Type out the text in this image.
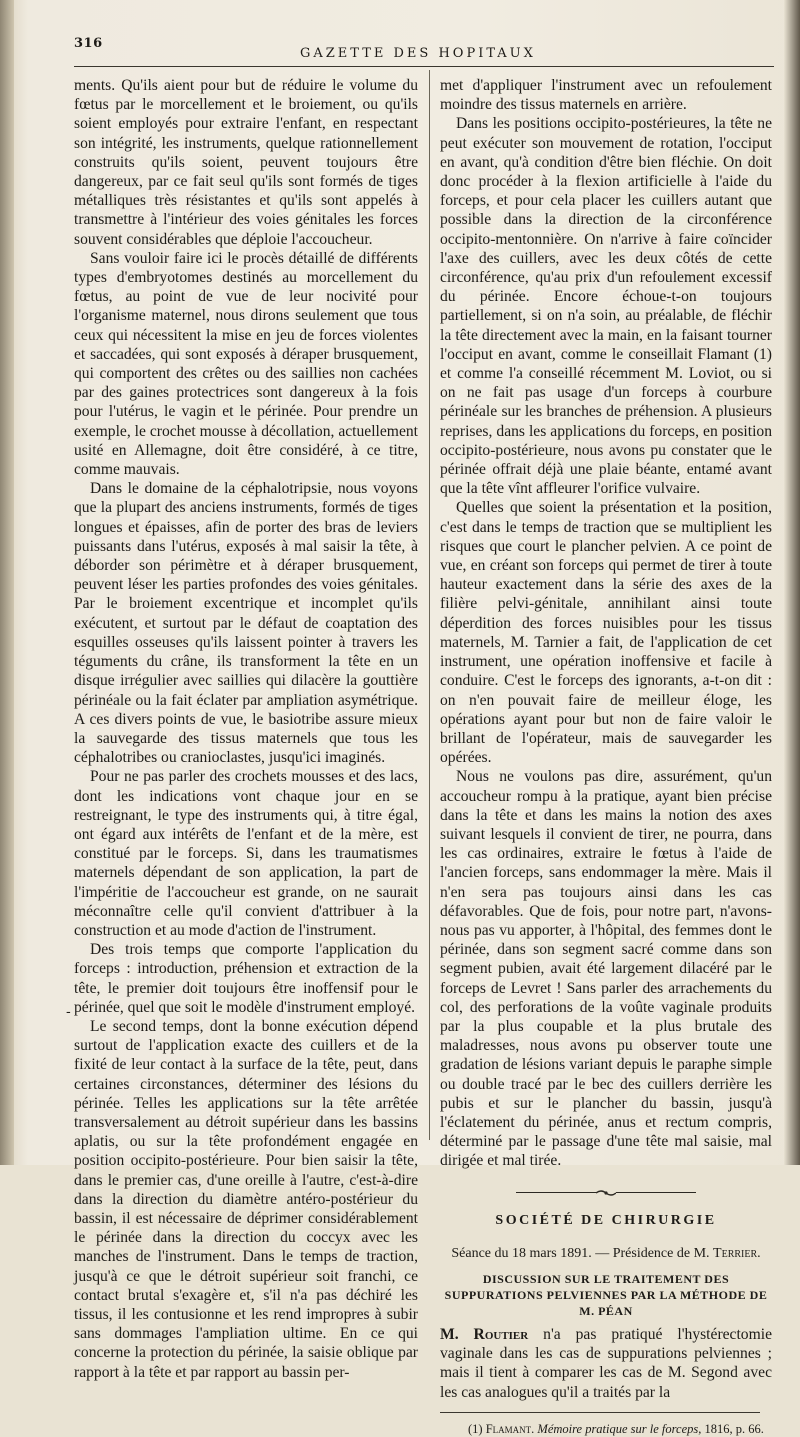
316
GAZETTE DES HOPITAUX
-

ments. Qu'ils aient pour but de réduire le volume du fœtus par le morcellement et le broiement, ou qu'ils soient employés pour extraire l'enfant, en respectant son intégrité, les instruments, quelque rationnellement construits qu'ils soient, peuvent toujours être dangereux, par ce fait seul qu'ils sont formés de tiges métalliques très résistantes et qu'ils sont appelés à transmettre à l'intérieur des voies génitales les forces souvent considérables que déploie l'accoucheur.

Sans vouloir faire ici le procès détaillé de différents types d'embryotomes destinés au morcellement du fœtus, au point de vue de leur nocivité pour l'organisme maternel, nous dirons seulement que tous ceux qui nécessitent la mise en jeu de forces violentes et saccadées, qui sont exposés à déraper brusquement, qui comportent des crêtes ou des saillies non cachées par des gaines protectrices sont dangereux à la fois pour l'utérus, le vagin et le périnée. Pour prendre un exemple, le crochet mousse à décollation, actuellement usité en Allemagne, doit être considéré, à ce titre, comme mauvais.

Dans le domaine de la céphalotripsie, nous voyons que la plupart des anciens instruments, formés de tiges longues et épaisses, afin de porter des bras de leviers puissants dans l'utérus, exposés à mal saisir la tête, à déborder son périmètre et à déraper brusquement, peuvent léser les parties profondes des voies génitales. Par le broiement excentrique et incomplet qu'ils exécutent, et surtout par le défaut de coaptation des esquilles osseuses qu'ils laissent pointer à travers les téguments du crâne, ils transforment la tête en un disque irrégulier avec saillies qui dilacère la gouttière périnéale ou la fait éclater par ampliation asymétrique. A ces divers points de vue, le basiotribe assure mieux la sauvegarde des tissus maternels que tous les céphalotribes ou cranioclastes, jusqu'ici imaginés.

Pour ne pas parler des crochets mousses et des lacs, dont les indications vont chaque jour en se restreignant, le type des instruments qui, à titre égal, ont égard aux intérêts de l'enfant et de la mère, est constitué par le forceps. Si, dans les traumatismes maternels dépendant de son application, la part de l'impéritie de l'accoucheur est grande, on ne saurait méconnaître celle qu'il convient d'attribuer à la construction et au mode d'action de l'instrument.

Des trois temps que comporte l'application du forceps : introduction, préhension et extraction de la tête, le premier doit toujours être inoffensif pour le périnée, quel que soit le modèle d'instrument employé.

Le second temps, dont la bonne exécution dépend surtout de l'application exacte des cuillers et de la fixité de leur contact à la surface de la tête, peut, dans certaines circonstances, déterminer des lésions du périnée. Telles les applications sur la tête arrêtée transversalement au détroit supérieur dans les bassins aplatis, ou sur la tête profondément engagée en position occipito-postérieure. Pour bien saisir la tête, dans le premier cas, d'une oreille à l'autre, c'est-à-dire dans la direction du diamètre antéro-postérieur du bassin, il est nécessaire de déprimer considérablement le périnée dans la direction du coccyx avec les manches de l'instrument. Dans le temps de traction, jusqu'à ce que le détroit supérieur soit franchi, ce contact brutal s'exagère et, s'il n'a pas déchiré les tissus, il les contusionne et les rend impropres à subir sans dommages l'ampliation ultime. En ce qui concerne la protection du périnée, la saisie oblique par rapport à la tête et par rapport au bassin per-

met d'appliquer l'instrument avec un refoulement moindre des tissus maternels en arrière.

Dans les positions occipito-postérieures, la tête ne peut exécuter son mouvement de rotation, l'occiput en avant, qu'à condition d'être bien fléchie. On doit donc procéder à la flexion artificielle à l'aide du forceps, et pour cela placer les cuillers autant que possible dans la direction de la circonférence occipito-mentonnière. On n'arrive à faire coïncider l'axe des cuillers, avec les deux côtés de cette circonférence, qu'au prix d'un refoulement excessif du périnée. Encore échoue-t-on toujours partiellement, si on n'a soin, au préalable, de fléchir la tête directement avec la main, en la faisant tourner l'occiput en avant, comme le conseillait Flamant (1) et comme l'a conseillé récemment M. Loviot, ou si on ne fait pas usage d'un forceps à courbure périnéale sur les branches de préhension. A plusieurs reprises, dans les applications du forceps, en position occipito-postérieure, nous avons pu constater que le périnée offrait déjà une plaie béante, entamé avant que la tête vînt affleurer l'orifice vulvaire.

Quelles que soient la présentation et la position, c'est dans le temps de traction que se multiplient les risques que court le plancher pelvien. A ce point de vue, en créant son forceps qui permet de tirer à toute hauteur exactement dans la série des axes de la filière pelvi-génitale, annihilant ainsi toute déperdition des forces nuisibles pour les tissus maternels, M. Tarnier a fait, de l'application de cet instrument, une opération inoffensive et facile à conduire. C'est le forceps des ignorants, a-t-on dit : on n'en pouvait faire de meilleur éloge, les opérations ayant pour but non de faire valoir le brillant de l'opérateur, mais de sauvegarder les opérées.

Nous ne voulons pas dire, assurément, qu'un accoucheur rompu à la pratique, ayant bien précise dans la tête et dans les mains la notion des axes suivant lesquels il convient de tirer, ne pourra, dans les cas ordinaires, extraire le fœtus à l'aide de l'ancien forceps, sans endommager la mère. Mais il n'en sera pas toujours ainsi dans les cas défavorables. Que de fois, pour notre part, n'avons-nous pas vu apporter, à l'hôpital, des femmes dont le périnée, dans son segment sacré comme dans son segment pubien, avait été largement dilacéré par le forceps de Levret ! Sans parler des arrachements du col, des perforations de la voûte vaginale produits par la plus coupable et la plus brutale des maladresses, nous avons pu observer toute une gradation de lésions variant depuis le paraphe simple ou double tracé par le bec des cuillers derrière les pubis et sur le plancher du bassin, jusqu'à l'éclatement du périnée, anus et rectum compris, déterminé par le passage d'une tête mal saisie, mal dirigée et mal tirée.

SOCIÉTÉ DE CHIRURGIE
Séance du 18 mars 1891. — Présidence de M. Terrier.
DISCUSSION SUR LE TRAITEMENT DES SUPPURATIONS PELVIENNES PAR LA MÉTHODE DE M. PÉAN

M. Routier n'a pas pratiqué l'hystérectomie vaginale dans les cas de suppurations pelviennes ; mais il tient à comparer les cas de M. Segond avec les cas analogues qu'il a traités par la

(1) Flamant. Mémoire pratique sur le forceps, 1816, p. 66.
